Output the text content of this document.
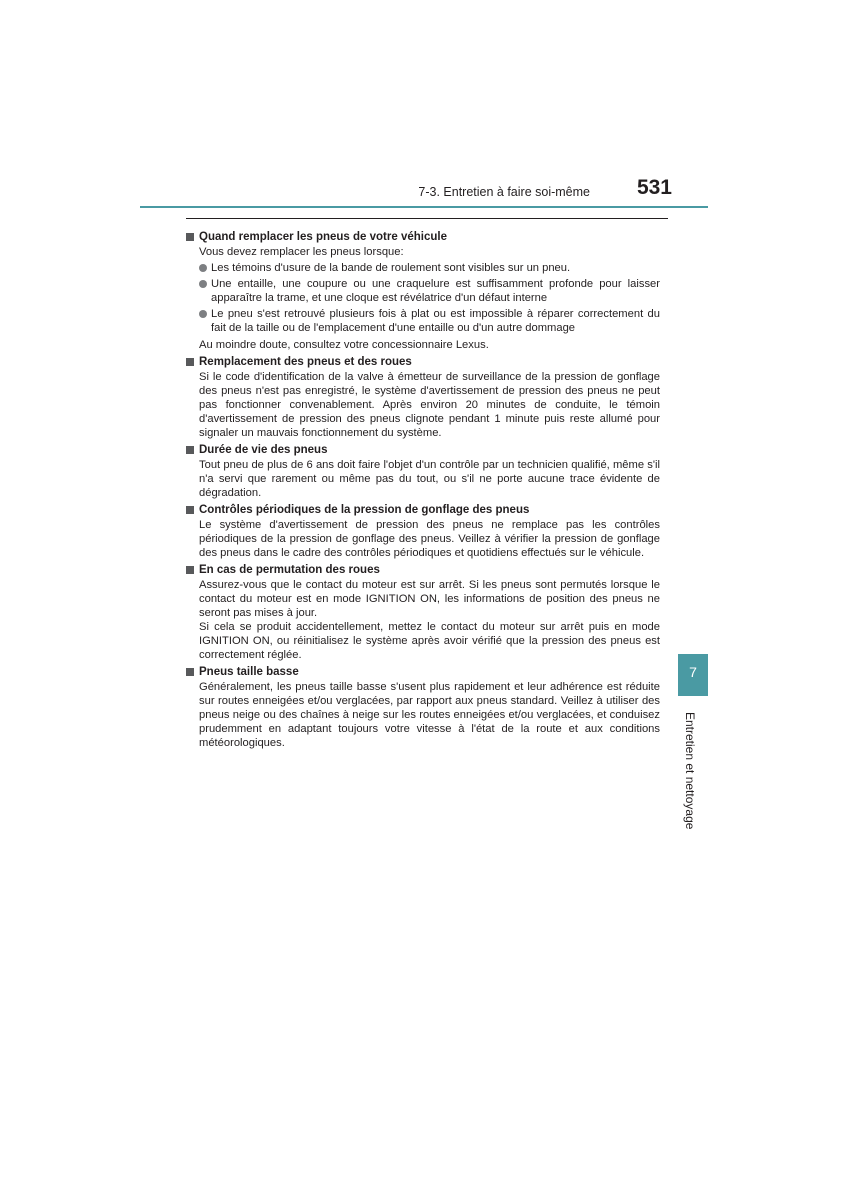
7-3. Entretien à faire soi-même	531
7
Entretien et nettoyage
Quand remplacer les pneus de votre véhicule

Vous devez remplacer les pneus lorsque:

Les témoins d'usure de la bande de roulement sont visibles sur un pneu.
Une entaille, une coupure ou une craquelure est suffisamment profonde pour laisser apparaître la trame, et une cloque est révélatrice d'un défaut interne
Le pneu s'est retrouvé plusieurs fois à plat ou est impossible à réparer correctement du fait de la taille ou de l'emplacement d'une entaille ou d'un autre dommage

Au moindre doute, consultez votre concessionnaire Lexus.

Remplacement des pneus et des roues

Si le code d'identification de la valve à émetteur de surveillance de la pression de gonflage des pneus n'est pas enregistré, le système d'avertissement de pression des pneus ne peut pas fonctionner convenablement. Après environ 20 minutes de conduite, le témoin d'avertissement de pression des pneus clignote pendant 1 minute puis reste allumé pour signaler un mauvais fonctionnement du système.

Durée de vie des pneus

Tout pneu de plus de 6 ans doit faire l'objet d'un contrôle par un technicien qualifié, même s'il n'a servi que rarement ou même pas du tout, ou s'il ne porte aucune trace évidente de dégradation.

Contrôles périodiques de la pression de gonflage des pneus

Le système d'avertissement de pression des pneus ne remplace pas les contrôles périodiques de la pression de gonflage des pneus. Veillez à vérifier la pression de gonflage des pneus dans le cadre des contrôles périodiques et quotidiens effectués sur le véhicule.

En cas de permutation des roues

Assurez-vous que le contact du moteur est sur arrêt. Si les pneus sont permutés lorsque le contact du moteur est en mode IGNITION ON, les informations de position des pneus ne seront pas mises à jour.

Si cela se produit accidentellement, mettez le contact du moteur sur arrêt puis en mode IGNITION ON, ou réinitialisez le système après avoir vérifié que la pression des pneus est correctement réglée.

Pneus taille basse

Généralement, les pneus taille basse s'usent plus rapidement et leur adhérence est réduite sur routes enneigées et/ou verglacées, par rapport aux pneus standard. Veillez à utiliser des pneus neige ou des chaînes à neige sur les routes enneigées et/ou verglacées, et conduisez prudemment en adaptant toujours votre vitesse à l'état de la route et aux conditions météorologiques.
